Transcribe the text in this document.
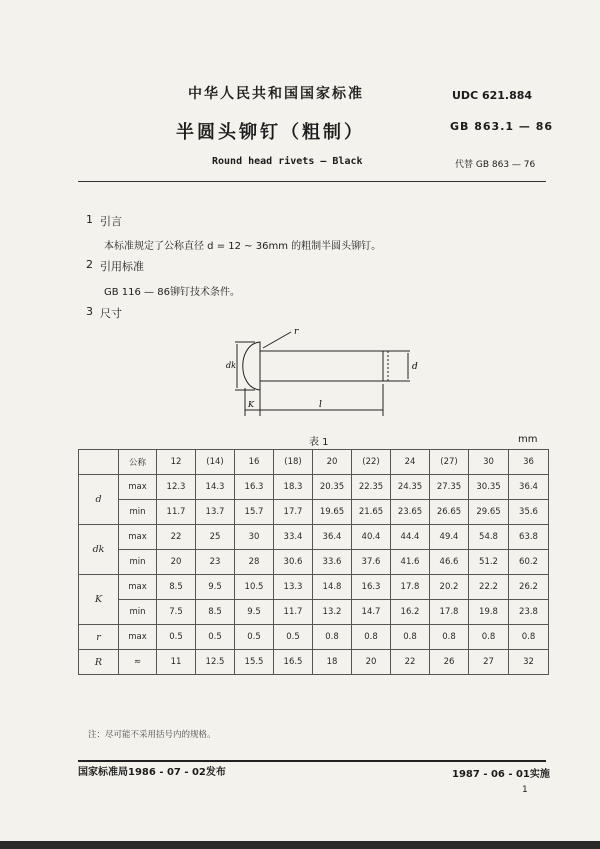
中华人民共和国国家标准	UDC 621.884
半圆头铆钉（粗制）	GB 863.1 — 86
Round head rivets — Black	代替 GB 863 — 76
1 引言
本标准规定了公称直径 d = 12 ~ 36mm 的粗制半圆头铆钉。
2 引用标准
GB 116 — 86铆钉技术条件。
3 尺寸
r
dk	d
K	l
表 1	mm
	公称	12	(14)	16	(18)	20	(22)	24	(27)	30	36
d	max	12.3	14.3	16.3	18.3	20.35	22.35	24.35	27.35	30.35	36.4
	min	11.7	13.7	15.7	17.7	19.65	21.65	23.65	26.65	29.65	35.6
dk	max	22	25	30	33.4	36.4	40.4	44.4	49.4	54.8	63.8
	min	20	23	28	30.6	33.6	37.6	41.6	46.6	51.2	60.2
K	max	8.5	9.5	10.5	13.3	14.8	16.3	17.8	20.2	22.2	26.2
	min	7.5	8.5	9.5	11.7	13.2	14.7	16.2	17.8	19.8	23.8
r	max	0.5	0.5	0.5	0.5	0.8	0.8	0.8	0.8	0.8	0.8
R	≈	11	12.5	15.5	16.5	18	20	22	26	27	32
注：尽可能不采用括号内的规格。
国家标准局1986 - 07 - 02发布	1987 - 06 - 01实施
1
